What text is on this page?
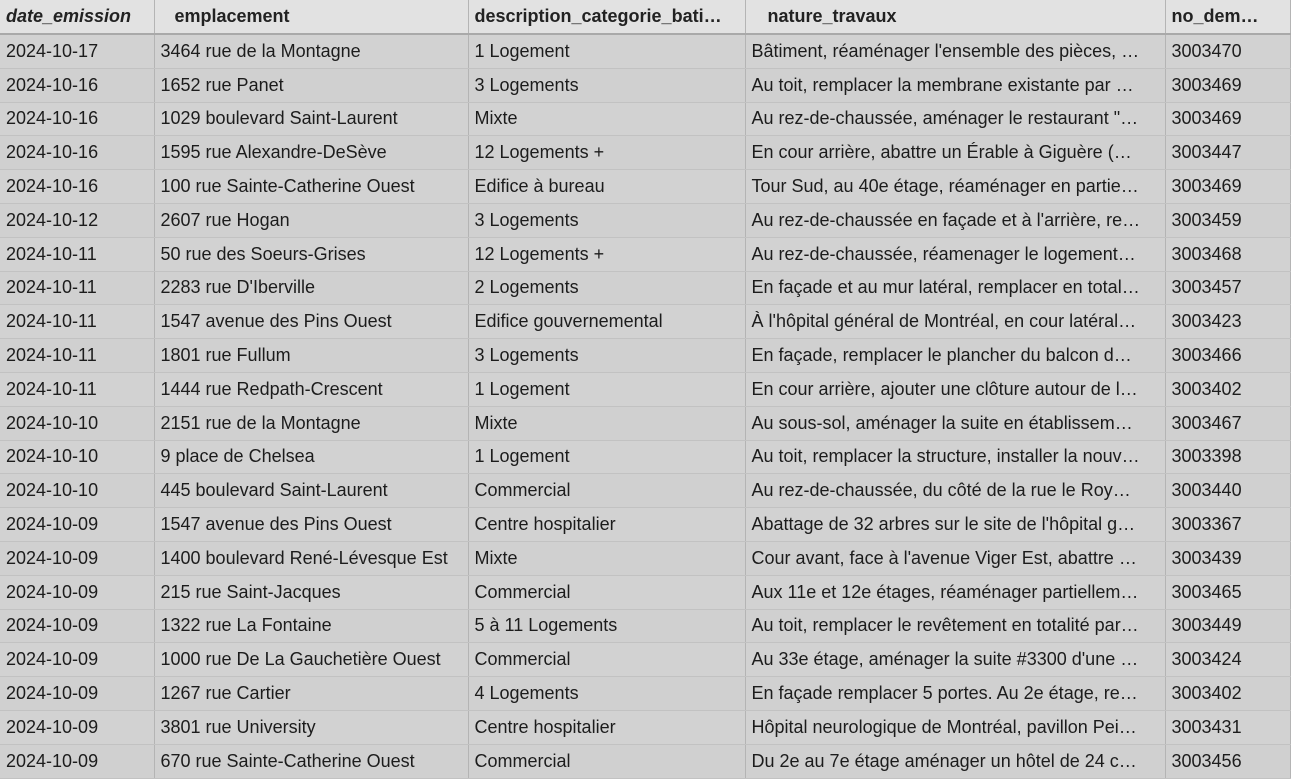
date_emission	emplacement	description_categorie_bati…	nature_travaux	no_dem…
2024-10-17	3464 rue de la Montagne	1 Logement	Bâtiment, réaménager l'ensemble des pièces, …	3003470
2024-10-16	1652 rue Panet	3 Logements	Au toit, remplacer la membrane existante par …	3003469
2024-10-16	1029 boulevard Saint-Laurent	Mixte	Au rez-de-chaussée, aménager le restaurant "…	3003469
2024-10-16	1595 rue Alexandre-DeSève	12 Logements +	En cour arrière, abattre un Érable à Giguère (…	3003447
2024-10-16	100 rue Sainte-Catherine Ouest	Edifice à bureau	Tour Sud, au 40e étage, réaménager en partie…	3003469
2024-10-12	2607 rue Hogan	3 Logements	Au rez-de-chaussée en façade et à l'arrière, re…	3003459
2024-10-11	50 rue des Soeurs-Grises	12 Logements +	Au rez-de-chaussée, réamenager le logement…	3003468
2024-10-11	2283 rue D'Iberville	2 Logements	En façade et au mur latéral, remplacer en total…	3003457
2024-10-11	1547 avenue des Pins Ouest	Edifice gouvernemental	À l'hôpital général de Montréal, en cour latéral…	3003423
2024-10-11	1801 rue Fullum	3 Logements	En façade, remplacer le plancher du balcon d…	3003466
2024-10-11	1444 rue Redpath-Crescent	1 Logement	En cour arrière, ajouter une clôture autour de l…	3003402
2024-10-10	2151 rue de la Montagne	Mixte	Au sous-sol, aménager la suite en établissem…	3003467
2024-10-10	9 place de Chelsea	1 Logement	Au toit, remplacer la structure, installer la nouv…	3003398
2024-10-10	445 boulevard Saint-Laurent	Commercial	Au rez-de-chaussée, du côté de la rue le Roy…	3003440
2024-10-09	1547 avenue des Pins Ouest	Centre hospitalier	Abattage de 32 arbres sur le site de l'hôpital g…	3003367
2024-10-09	1400 boulevard René-Lévesque Est	Mixte	Cour avant, face à l'avenue Viger Est, abattre …	3003439
2024-10-09	215 rue Saint-Jacques	Commercial	Aux 11e et 12e étages, réaménager partiellem…	3003465
2024-10-09	1322 rue La Fontaine	5 à 11 Logements	Au toit, remplacer le revêtement en totalité par…	3003449
2024-10-09	1000 rue De La Gauchetière Ouest	Commercial	Au 33e étage, aménager la suite #3300 d'une …	3003424
2024-10-09	1267 rue Cartier	4 Logements	En façade remplacer 5 portes. Au 2e étage, re…	3003402
2024-10-09	3801 rue University	Centre hospitalier	Hôpital neurologique de Montréal, pavillon Pei…	3003431
2024-10-09	670 rue Sainte-Catherine Ouest	Commercial	Du 2e au 7e étage aménager un hôtel de 24 c…	3003456
